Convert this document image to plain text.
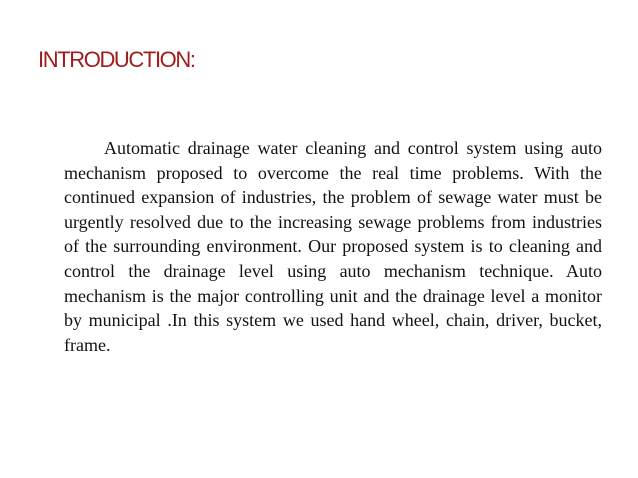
INTRODUCTION:

Automatic drainage water cleaning and control system using auto mechanism proposed to overcome the real time problems. With the continued expansion of industries, the problem of sewage water must be urgently resolved due to the increasing sewage problems from industries of the surrounding environment. Our proposed system is to cleaning and control the drainage level using auto mechanism technique. Auto mechanism is the major controlling unit and the drainage level a monitor by municipal .In this system we used hand wheel, chain, driver, bucket, frame.
